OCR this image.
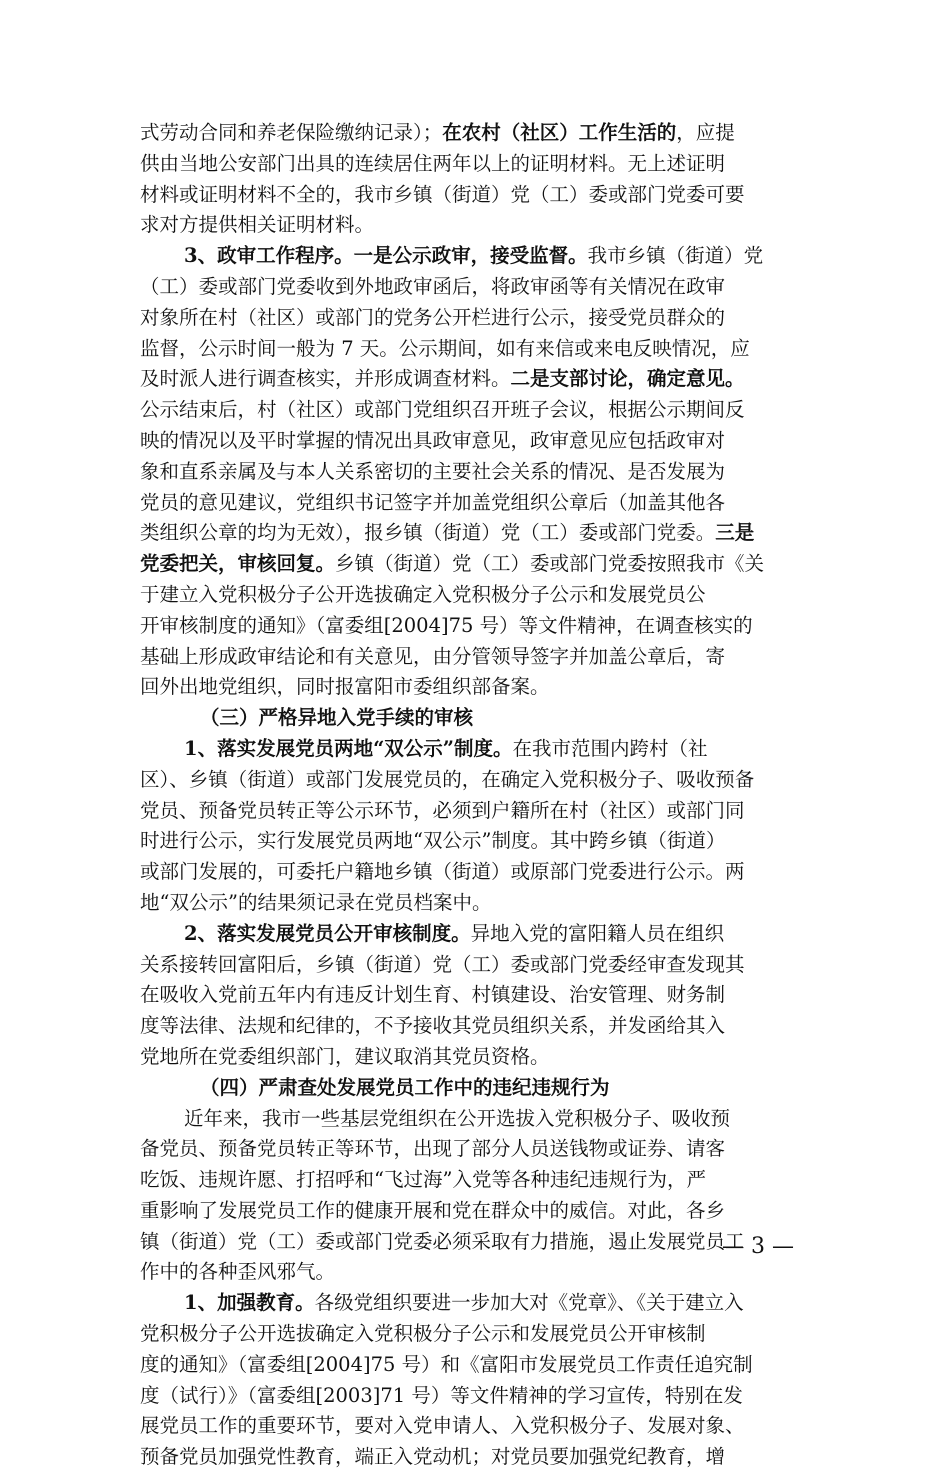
式劳动合同和养老保险缴纳记录）；在农村（社区）工作生活的，应提
供由当地公安部门出具的连续居住两年以上的证明材料。无上述证明
材料或证明材料不全的，我市乡镇（街道）党（工）委或部门党委可要
求对方提供相关证明材料。
3、政审工作程序。一是公示政审，接受监督。我市乡镇（街道）党
（工）委或部门党委收到外地政审函后，将政审函等有关情况在政审
对象所在村（社区）或部门的党务公开栏进行公示，接受党员群众的
监督，公示时间一般为 7 天。公示期间，如有来信或来电反映情况，应
及时派人进行调查核实，并形成调查材料。二是支部讨论，确定意见。
公示结束后，村（社区）或部门党组织召开班子会议，根据公示期间反
映的情况以及平时掌握的情况出具政审意见，政审意见应包括政审对
象和直系亲属及与本人关系密切的主要社会关系的情况、是否发展为
党员的意见建议，党组织书记签字并加盖党组织公章后（加盖其他各
类组织公章的均为无效），报乡镇（街道）党（工）委或部门党委。三是
党委把关，审核回复。乡镇（街道）党（工）委或部门党委按照我市《关
于建立入党积极分子公开选拔确定入党积极分子公示和发展党员公
开审核制度的通知》（富委组[2004]75 号）等文件精神，在调查核实的
基础上形成政审结论和有关意见，由分管领导签字并加盖公章后，寄
回外出地党组织，同时报富阳市委组织部备案。
（三）严格异地入党手续的审核
1、落实发展党员两地“双公示”制度。在我市范围内跨村（社
区）、乡镇（街道）或部门发展党员的，在确定入党积极分子、吸收预备
党员、预备党员转正等公示环节，必须到户籍所在村（社区）或部门同
时进行公示，实行发展党员两地“双公示”制度。其中跨乡镇（街道）
或部门发展的，可委托户籍地乡镇（街道）或原部门党委进行公示。两
地“双公示”的结果须记录在党员档案中。
2、落实发展党员公开审核制度。异地入党的富阳籍人员在组织
关系接转回富阳后，乡镇（街道）党（工）委或部门党委经审查发现其
在吸收入党前五年内有违反计划生育、村镇建设、治安管理、财务制
度等法律、法规和纪律的，不予接收其党员组织关系，并发函给其入
党地所在党委组织部门，建议取消其党员资格。
（四）严肃查处发展党员工作中的违纪违规行为
近年来，我市一些基层党组织在公开选拔入党积极分子、吸收预
备党员、预备党员转正等环节，出现了部分人员送钱物或证券、请客
吃饭、违规许愿、打招呼和“飞过海”入党等各种违纪违规行为，严
重影响了发展党员工作的健康开展和党在群众中的威信。对此，各乡
镇（街道）党（工）委或部门党委必须采取有力措施，遏止发展党员工
作中的各种歪风邪气。
1、加强教育。各级党组织要进一步加大对《党章》、《关于建立入
党积极分子公开选拔确定入党积极分子公示和发展党员公开审核制
度的通知》（富委组[2004]75 号）和《富阳市发展党员工作责任追究制
度（试行）》（富委组[2003]71 号）等文件精神的学习宣传，特别在发
展党员工作的重要环节，要对入党申请人、入党积极分子、发展对象、
预备党员加强党性教育，端正入党动机；对党员要加强党纪教育，增
— 3 —
